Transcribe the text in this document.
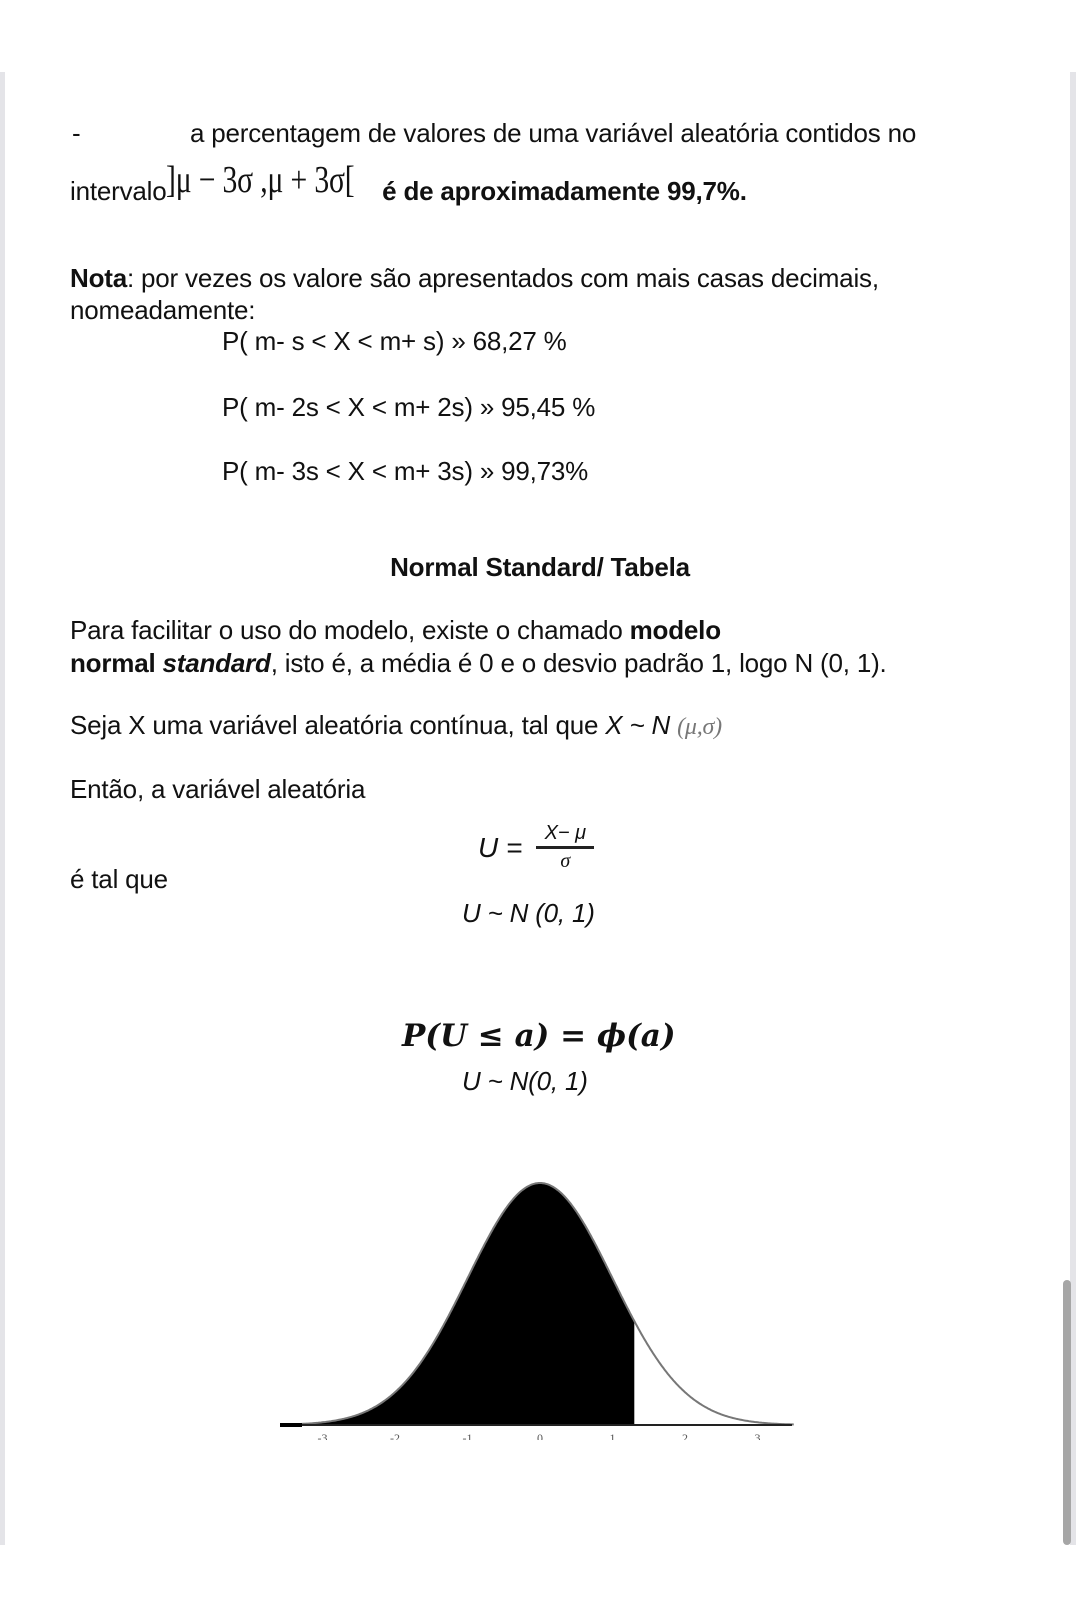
-	a percentagem de valores de uma variável aleatória contidos no
intervalo ]μ − 3σ ,μ + 3σ[ é de aproximadamente 99,7%.
Nota: por vezes os valore são apresentados com mais casas decimais,
nomeadamente:
P( m- s < X < m+ s) » 68,27 %
P( m- 2s < X < m+ 2s) » 95,45 %
P( m- 3s < X < m+ 3s) » 99,73%
Normal Standard/ Tabela
Para facilitar o uso do modelo, existe o chamado modelo
normal standard, isto é, a média é 0 e o desvio padrão 1, logo N (0, 1).
Seja X uma variável aleatória contínua, tal que X ~ N (μ,σ)
Então, a variável aleatória
$U = \frac{X- \mu}{\sigma}$
é tal que
U ~ N (0, 1)
P(U ≤ a) = ϕ(a)
U ~ N(0, 1)
-3	-2	-1	0	1	2	3
